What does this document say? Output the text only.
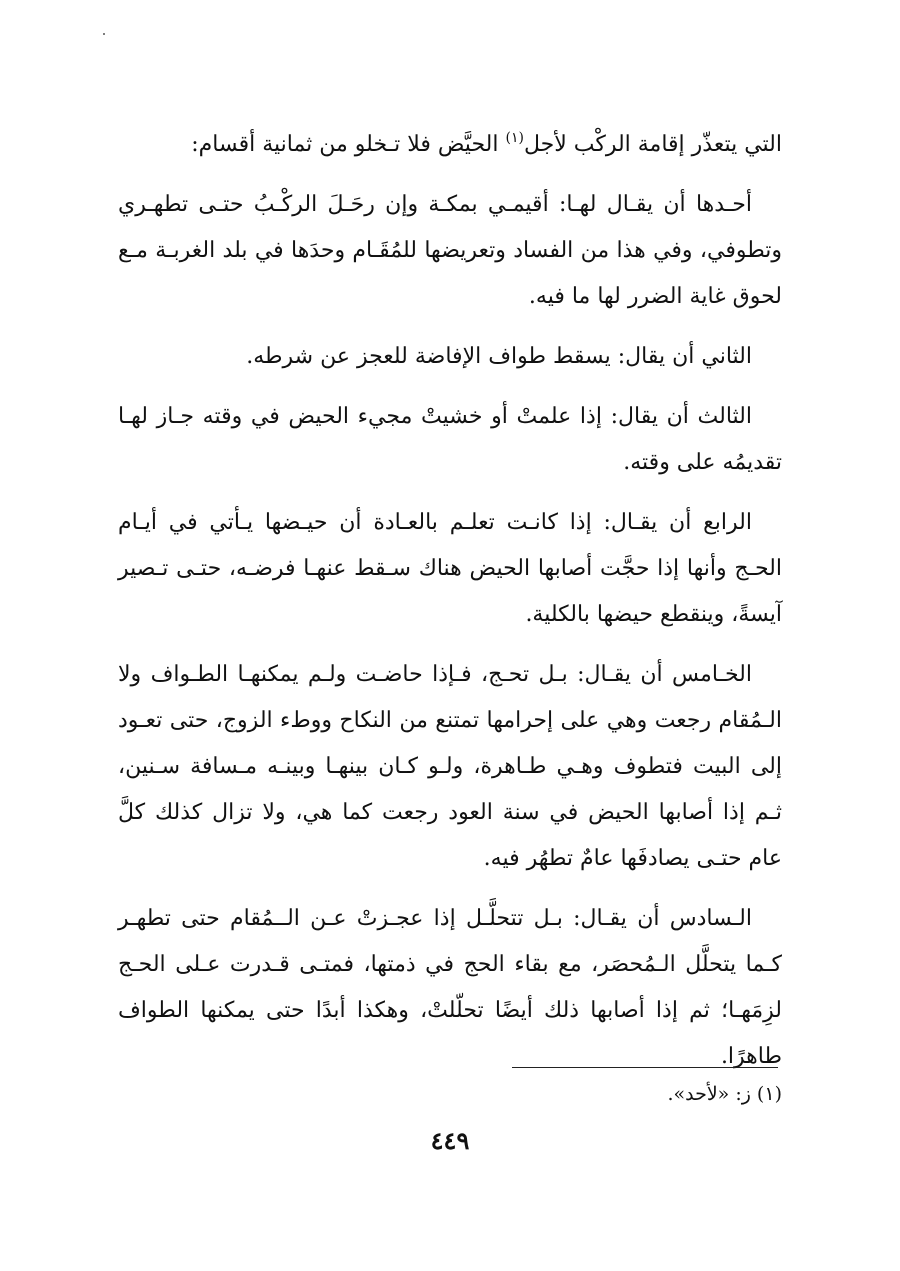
التي يتعذّر إقامة الركْب لأجل$^{(١)}$ الحيَّض فلا تـخلو من ثمانية أقسام:

أحـدها أن يقـال لهـا: أقيمـي بمكـة وإن رحَـلَ الركْـبُ حتـى تطهـري وتطوفي، وفي هذا من الفساد وتعريضها للمُقَـام وحدَها في بلد الغربـة مـع لحوق غاية الضرر لها ما فيه.

الثاني أن يقال: يسقط طواف الإفاضة للعجز عن شرطه.

الثالث أن يقال: إذا علمتْ أو خشيتْ مجيء الحيض في وقته جـاز لهـا تقديمُه على وقته.

الرابع أن يقـال: إذا كانـت تعلـم بالعـادة أن حيـضها يـأتي في أيـام الحـج وأنها إذا حجَّت أصابها الحيض هناك سـقط عنهـا فرضـه، حتـى تـصير آيسةً، وينقطع حيضها بالكلية.

الخـامس أن يقـال: بـل تحـج، فـإذا حاضـت ولـم يمكنهـا الطـواف ولا الـمُقام رجعت وهي على إحرامها تمتنع من النكاح ووطء الزوج، حتى تعـود إلى البيت فتطوف وهـي طـاهرة، ولـو كـان بينهـا وبينـه مـسافة سـنين، ثـم إذا أصابها الحيض في سنة العود رجعت كما هي، ولا تزال كذلك كلَّ عام حتـى يصادفَها عامٌ تطهُر فيه.

الـسادس أن يقـال: بـل تتحلَّـل إذا عجـزتْ عـن الــمُقام حتى تطهـر كـما يتحلَّل الـمُحصَر، مع بقاء الحج في ذمتها، فمتـى قـدرت عـلى الحـج لزِمَهـا؛ ثم إذا أصابها ذلك أيضًا تحلّلتْ، وهكذا أبدًا حتى يمكنها الطواف طاهرًا.

(١) ز: «لأحد».
٤٤٩
